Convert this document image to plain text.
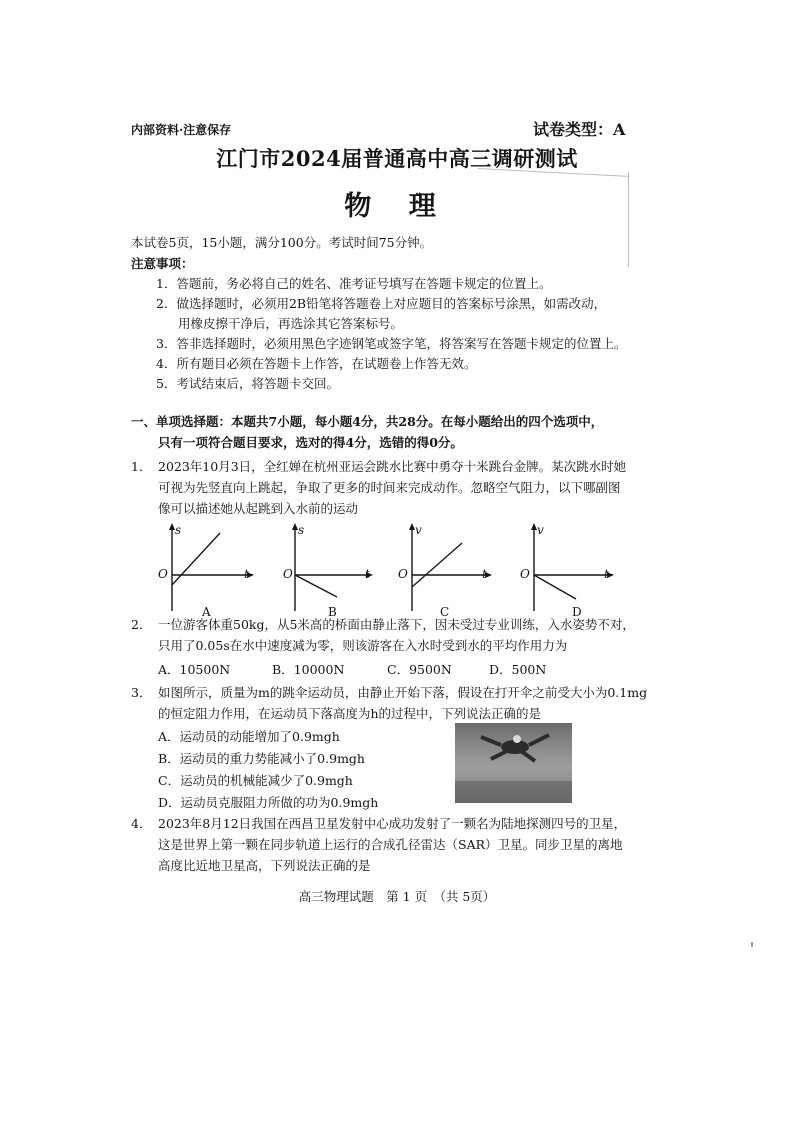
内部资料·注意保存	试卷类型：A
江门市2024届普通高中高三调研测试
物 理
本试卷5页，15小题，满分100分。考试时间75分钟。
注意事项：
1．答题前，务必将自己的姓名、准考证号填写在答题卡规定的位置上。
2．做选择题时，必须用2B铅笔将答题卷上对应题目的答案标号涂黑，如需改动，
用橡皮擦干净后，再选涂其它答案标号。
3．答非选择题时，必须用黑色字迹钢笔或签字笔，将答案写在答题卡规定的位置上。
4．所有题目必须在答题卡上作答，在试题卷上作答无效。
5．考试结束后，将答题卡交回。
一、单项选择题：本题共7小题，每小题4分，共28分。在每小题给出的四个选项中，
只有一项符合题目要求，选对的得4分，选错的得0分。
1． 2023年10月3日，全红婵在杭州亚运会跳水比赛中勇夺十米跳台金牌。某次跳水时她
可视为先竖直向上跳起，争取了更多的时间来完成动作。忽略空气阻力，以下哪副图
像可以描述她从起跳到入水前的运动
s
O	t
A
s
O	t
B
v
O	t
C
v
O	t
D
2． 一位游客体重50kg，从5米高的桥面由静止落下，因未受过专业训练，入水姿势不对，
只用了0.05s在水中速度减为零，则该游客在入水时受到水的平均作用力为
A．10500N	B．10000N	C．9500N	D．500N
3． 如图所示，质量为m的跳伞运动员，由静止开始下落，假设在打开伞之前受大小为0.1mg
的恒定阻力作用，在运动员下落高度为h的过程中，下列说法正确的是
A．运动员的动能增加了0.9mgh
B．运动员的重力势能减小了0.9mgh
C．运动员的机械能减少了0.9mgh
D．运动员克服阻力所做的功为0.9mgh
4． 2023年8月12日我国在西昌卫星发射中心成功发射了一颗名为陆地探测四号的卫星，
这是世界上第一颗在同步轨道上运行的合成孔径雷达（SAR）卫星。同步卫星的离地
高度比近地卫星高，下列说法正确的是
高三物理试题　第 1 页　（共 5页）
